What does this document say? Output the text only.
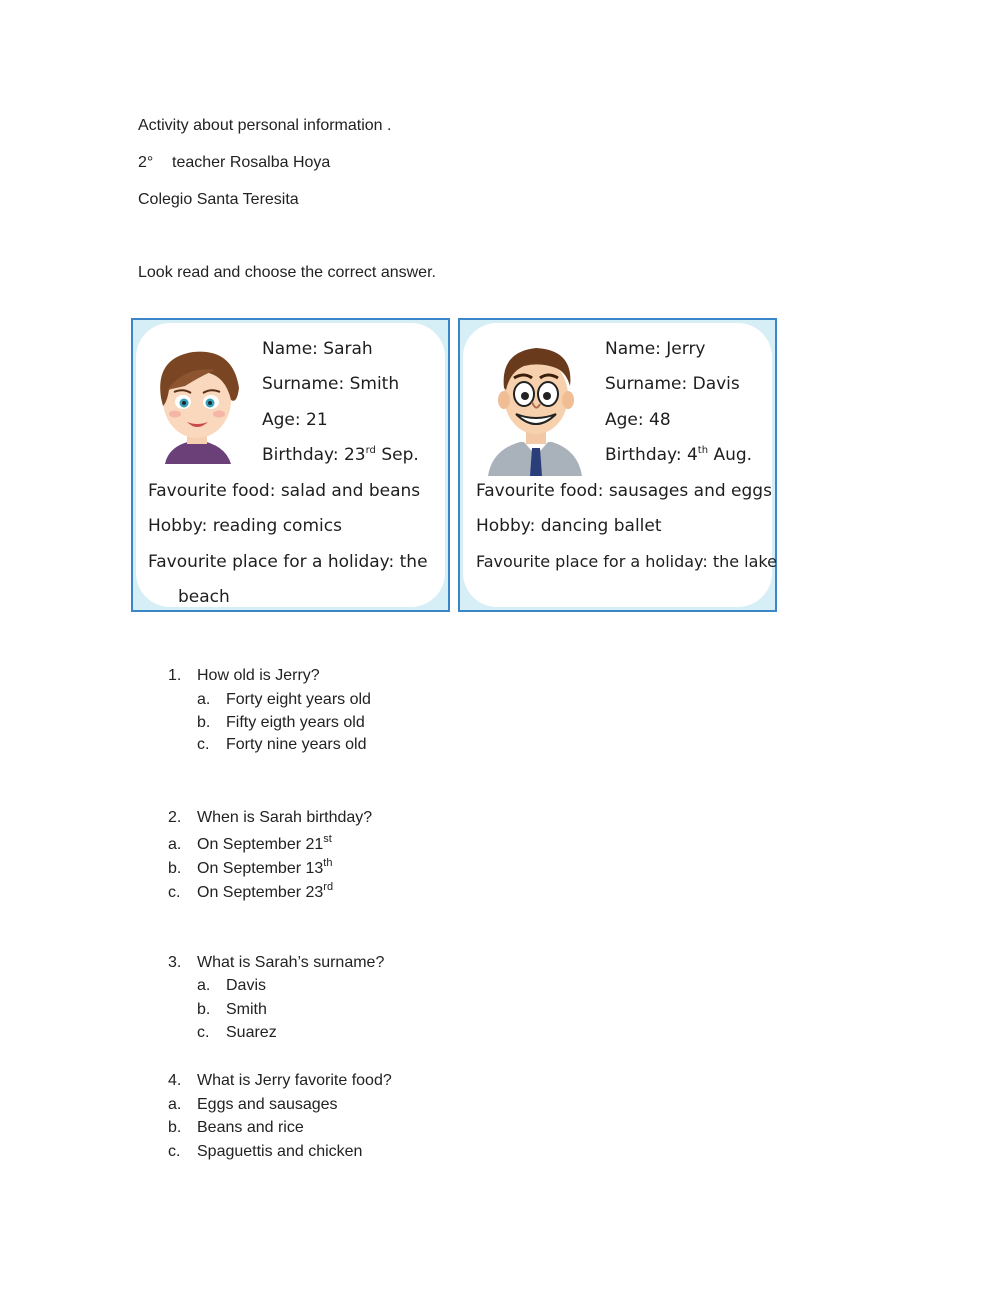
Activity about personal information .
2° teacher Rosalba Hoya
Colegio Santa Teresita
Look read and choose the correct answer.
Name: Sarah
Surname: Smith
Age: 21
Birthday: 23rd Sep.
Favourite food: salad and beans
Hobby: reading comics
Favourite place for a holiday: the
beach
Name: Jerry
Surname: Davis
Age: 48
Birthday: 4th Aug.
Favourite food: sausages and eggs
Hobby: dancing ballet
Favourite place for a holiday: the lake
1. How old is Jerry?
a. Forty eight years old
b. Fifty eigth years old
c.	Forty nine years old
2. When is Sarah birthday?
a. On September 21st
b. On September 13th
c.	On September 23rd
3. What is Sarah’s surname?
a. Davis
b. Smith
c.	Suarez
4. What is Jerry favorite food?
a. Eggs and sausages
b. Beans and rice
c.	Spaguettis and chicken
